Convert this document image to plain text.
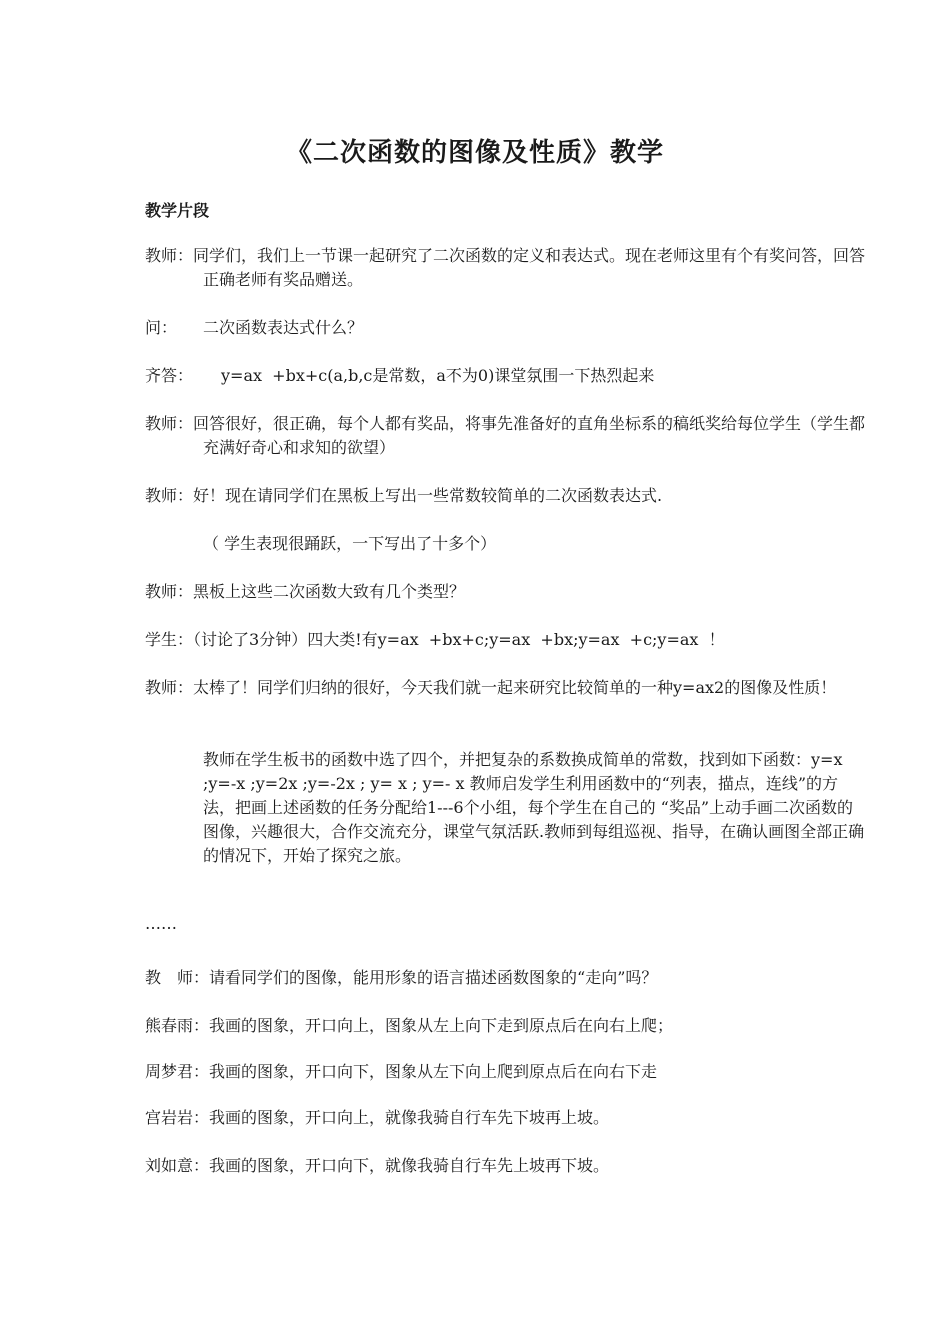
《二次函数的图像及性质》教学
教学片段
教师：同学们，我们上一节课一起研究了二次函数的定义和表达式。现在老师这里有个有奖问答，回答正确老师有奖品赠送。
问：	二次函数表达式什么？
齐答：	y=ax  +bx+c(a,b,c是常数，a不为0)课堂氛围一下热烈起来
教师：回答很好，很正确，每个人都有奖品，将事先准备好的直角坐标系的稿纸奖给每位学生（学生都充满好奇心和求知的欲望）
教师：好！现在请同学们在黑板上写出一些常数较简单的二次函数表达式.
（ 学生表现很踊跃，一下写出了十多个）
教师：黑板上这些二次函数大致有几个类型？
学生：（讨论了3分钟）四大类!有y=ax  +bx+c;y=ax  +bx;y=ax  +c;y=ax  ！
教师：太棒了！同学们归纳的很好，今天我们就一起来研究比较简单的一种y=ax2的图像及性质！
教师在学生板书的函数中选了四个，并把复杂的系数换成简单的常数，找到如下函数：y=x ;y=-x ;y=2x ;y=-2x ; y= x ; y=- x 教师启发学生利用函数中的“列表，描点，连线”的方法，把画上述函数的任务分配给1---6个小组，每个学生在自己的 “奖品”上动手画二次函数的图像，兴趣很大，合作交流充分，课堂气氛活跃.教师到每组巡视、指导，在确认画图全部正确的情况下，开始了探究之旅。
……
教　师：请看同学们的图像，能用形象的语言描述函数图象的“走向”吗？
熊春雨：我画的图象，开口向上，图象从左上向下走到原点后在向右上爬；
周梦君：我画的图象，开口向下，图象从左下向上爬到原点后在向右下走
宫岩岩：我画的图象，开口向上，就像我骑自行车先下坡再上坡。
刘如意：我画的图象，开口向下，就像我骑自行车先上坡再下坡。
